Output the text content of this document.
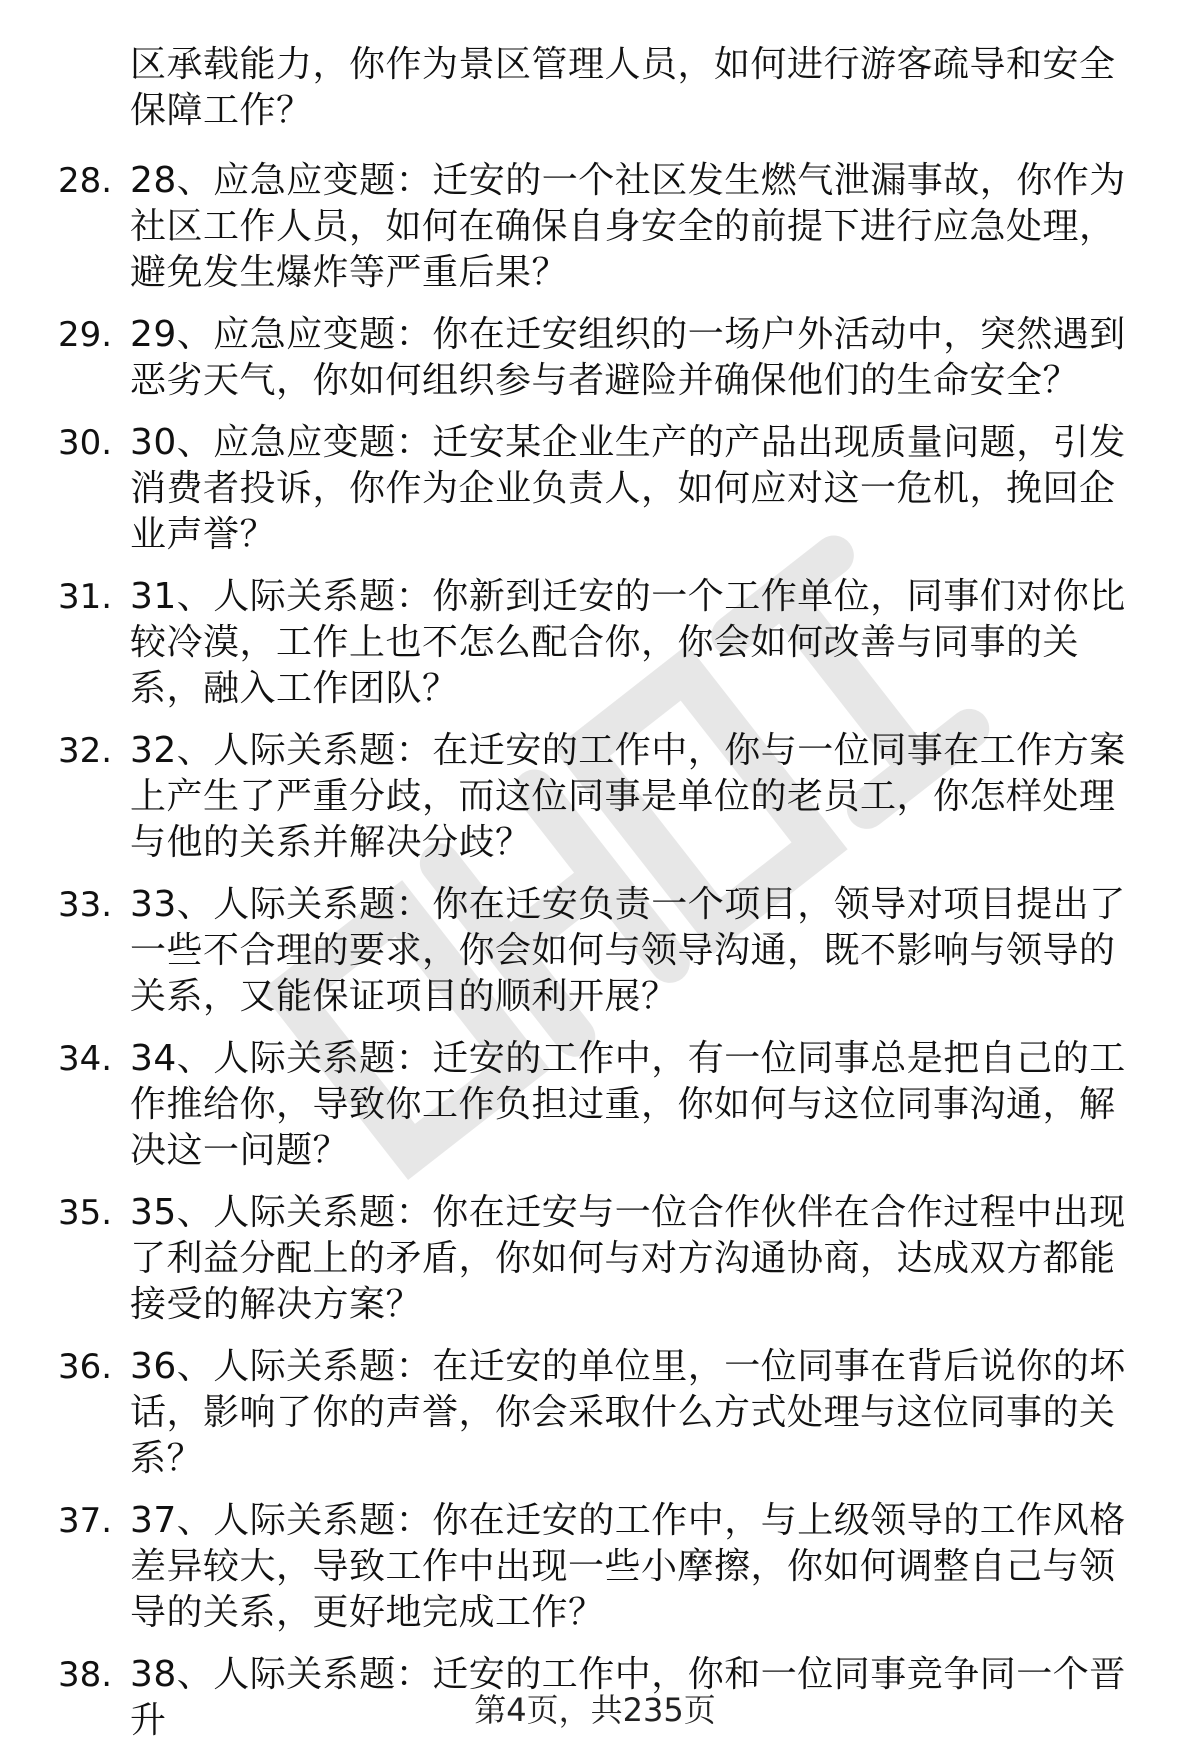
区承载能力，你作为景区管理人员，如何进行游客疏导和安全保障工作？
28. 28、应急应变题：迁安的一个社区发生燃气泄漏事故，你作为社区工作人员，如何在确保自身安全的前提下进行应急处理，避免发生爆炸等严重后果？
29. 29、应急应变题：你在迁安组织的一场户外活动中，突然遇到恶劣天气，你如何组织参与者避险并确保他们的生命安全？
30. 30、应急应变题：迁安某企业生产的产品出现质量问题，引发消费者投诉，你作为企业负责人，如何应对这一危机，挽回企业声誉？
31. 31、人际关系题：你新到迁安的一个工作单位，同事们对你比较冷漠，工作上也不怎么配合你，你会如何改善与同事的关系，融入工作团队？
32. 32、人际关系题：在迁安的工作中，你与一位同事在工作方案上产生了严重分歧，而这位同事是单位的老员工，你怎样处理与他的关系并解决分歧？
33. 33、人际关系题：你在迁安负责一个项目，领导对项目提出了一些不合理的要求，你会如何与领导沟通，既不影响与领导的关系，又能保证项目的顺利开展？
34. 34、人际关系题：迁安的工作中，有一位同事总是把自己的工作推给你，导致你工作负担过重，你如何与这位同事沟通，解决这一问题？
35. 35、人际关系题：你在迁安与一位合作伙伴在合作过程中出现了利益分配上的矛盾，你如何与对方沟通协商，达成双方都能接受的解决方案？
36. 36、人际关系题：在迁安的单位里，一位同事在背后说你的坏话，影响了你的声誉，你会采取什么方式处理与这位同事的关系？
37. 37、人际关系题：你在迁安的工作中，与上级领导的工作风格差异较大，导致工作中出现一些小摩擦，你如何调整自己与领导的关系，更好地完成工作？
38. 38、人际关系题：迁安的工作中，你和一位同事竞争同一个晋升	第4页，共235页
